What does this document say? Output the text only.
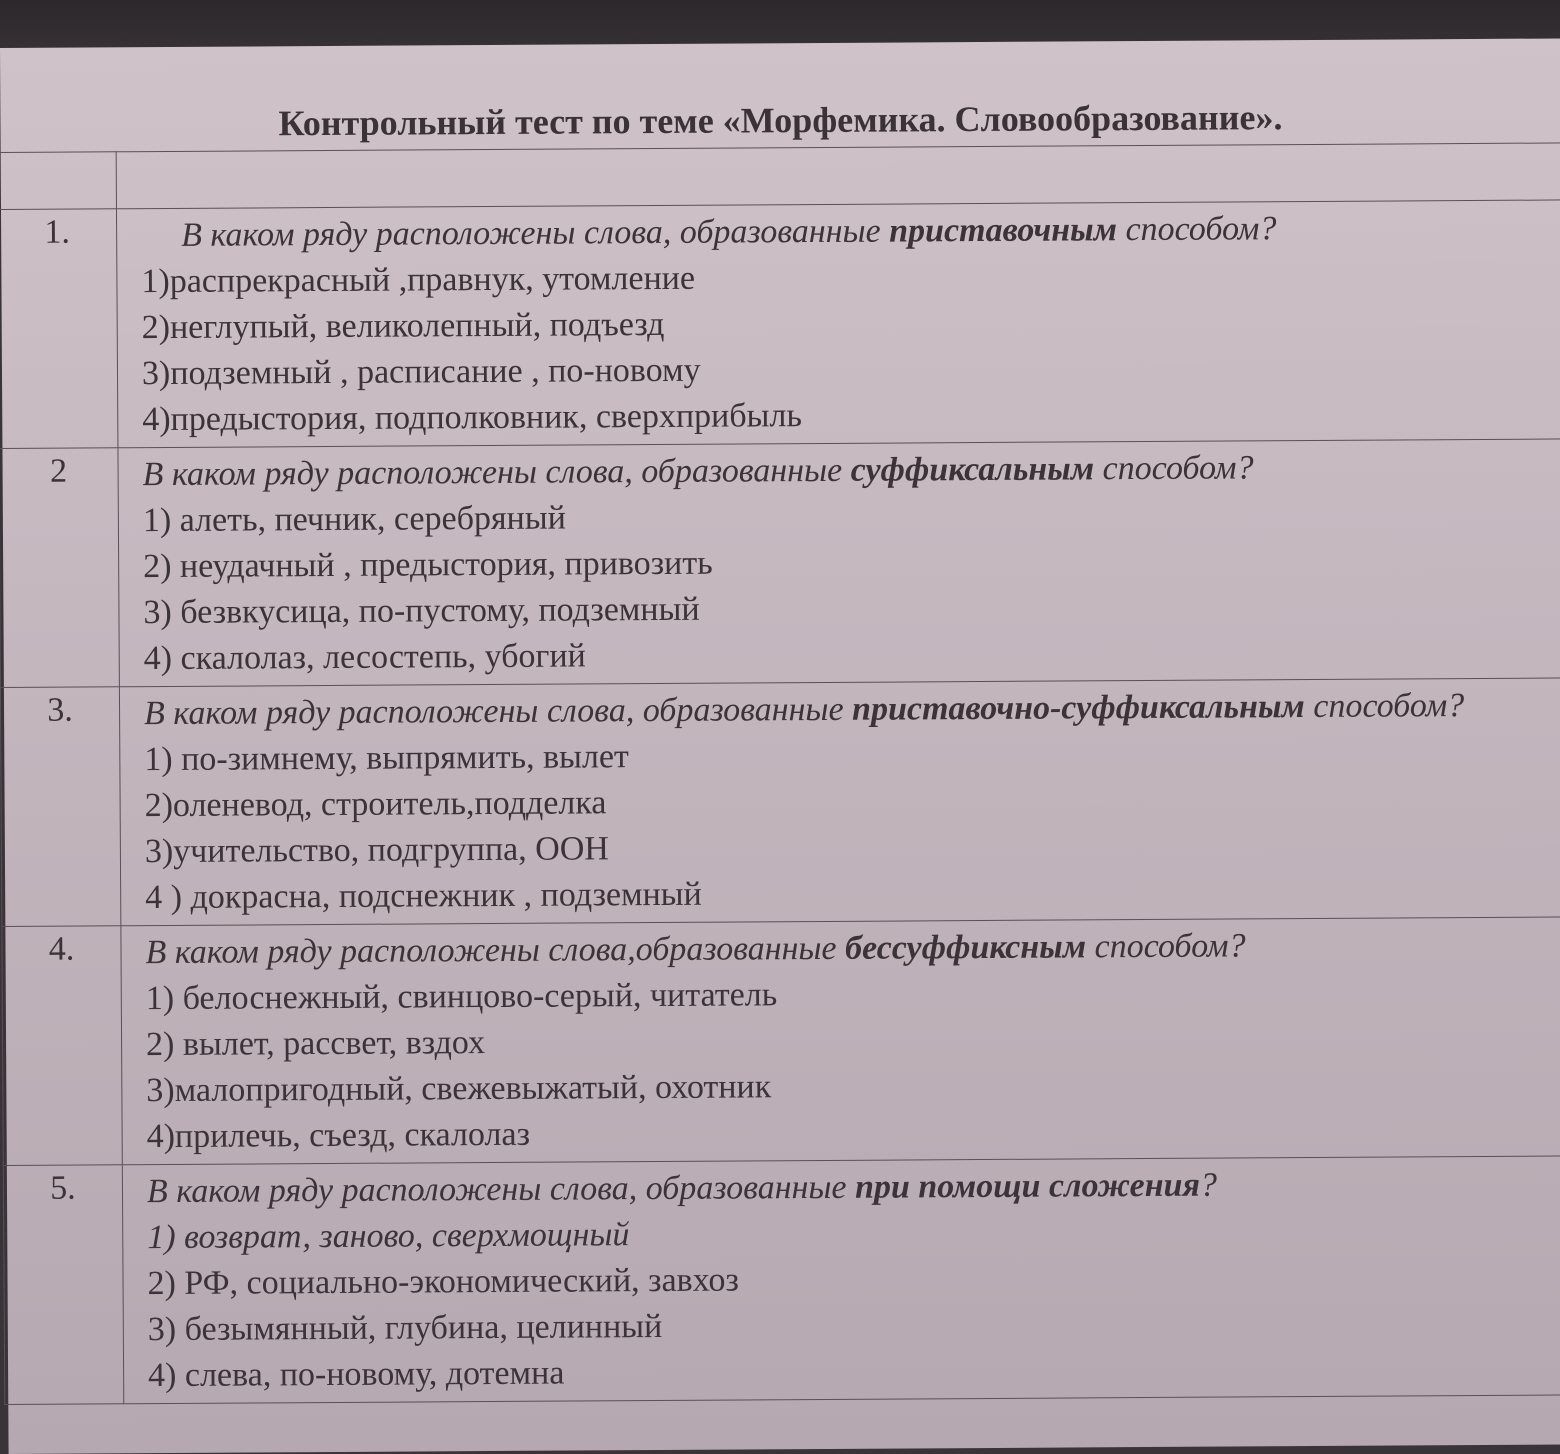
Контрольный тест по теме «Морфемика. Словообразование».

1.	В каком ряду расположены слова, образованные приставочным способом?
1)распрекрасный ,правнук, утомление
2)неглупый, великолепный, подъезд
3)подземный , расписание , по-новому
4)предыстория, подполковник, сверхприбыль

2	В каком ряду расположены слова, образованные суффиксальным способом?
1) алеть, печник, серебряный
2) неудачный , предыстория, привозить
3) безвкусица, по-пустому, подземный
4) скалолаз, лесостепь, убогий

3.	В каком ряду расположены слова, образованные приставочно-суффиксальным способом?
1) по-зимнему, выпрямить, вылет
2)оленевод, строитель,подделка
3)учительство, подгруппа, ООН
4 ) докрасна, подснежник , подземный

4.	В каком ряду расположены слова,образованные бессуффиксным способом?
1) белоснежный, свинцово-серый, читатель
2) вылет, рассвет, вздох
3)малопригодный, свежевыжатый, охотник
4)прилечь, съезд, скалолаз

5.	В каком ряду расположены слова, образованные при помощи сложения?
1) возврат, заново, сверхмощный
2) РФ, социально-экономический, завхоз
3) безымянный, глубина, целинный
4) слева, по-новому, дотемна
